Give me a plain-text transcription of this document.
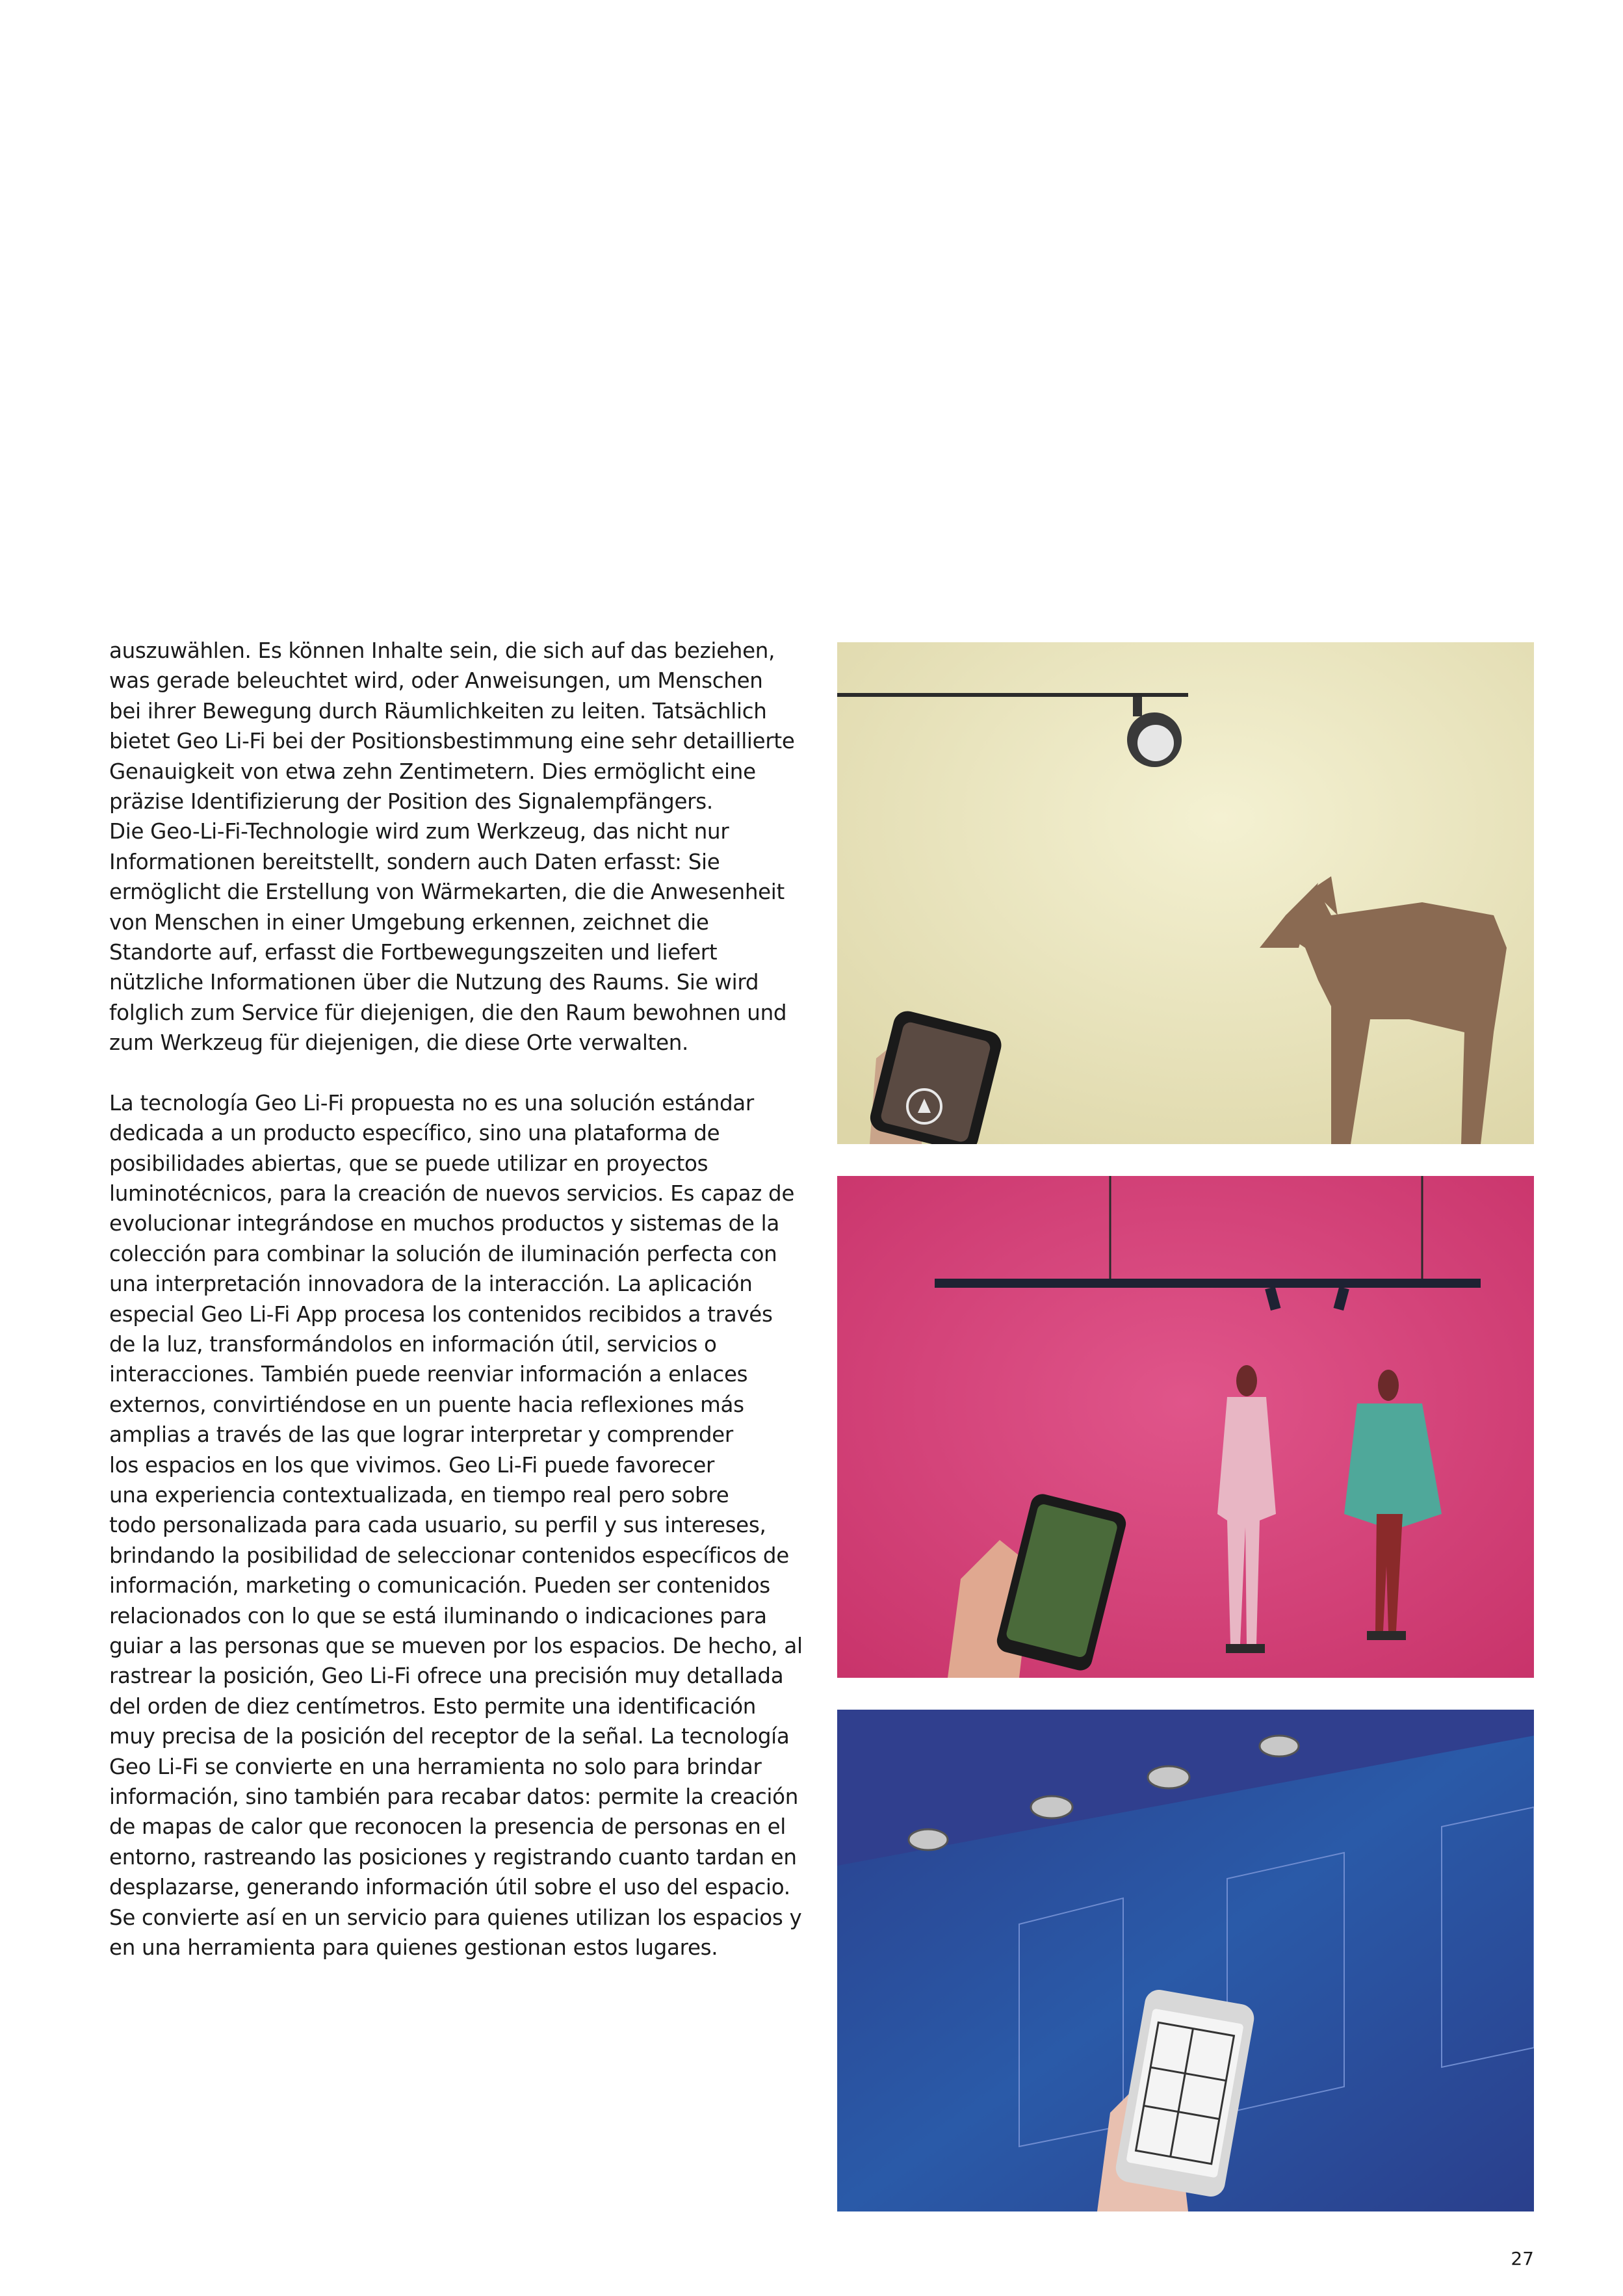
auszuwählen. Es können Inhalte sein, die sich auf das beziehen,
was gerade beleuchtet wird, oder Anweisungen, um Menschen
bei ihrer Bewegung durch Räumlichkeiten zu leiten. Tatsächlich
bietet Geo Li-Fi bei der Positionsbestimmung eine sehr detaillierte
Genauigkeit von etwa zehn Zentimetern. Dies ermöglicht eine
präzise Identifizierung der Position des Signalempfängers.
Die Geo-Li-Fi-Technologie wird zum Werkzeug, das nicht nur
Informationen bereitstellt, sondern auch Daten erfasst: Sie
ermöglicht die Erstellung von Wärmekarten, die die Anwesenheit
von Menschen in einer Umgebung erkennen, zeichnet die
Standorte auf, erfasst die Fortbewegungszeiten und liefert
nützliche Informationen über die Nutzung des Raums. Sie wird
folglich zum Service für diejenigen, die den Raum bewohnen und
zum Werkzeug für diejenigen, die diese Orte verwalten.

La tecnología Geo Li-Fi propuesta no es una solución estándar
dedicada a un producto específico, sino una plataforma de
posibilidades abiertas, que se puede utilizar en proyectos
luminotécnicos, para la creación de nuevos servicios. Es capaz de
evolucionar integrándose en muchos productos y sistemas de la
colección para combinar la solución de iluminación perfecta con
una interpretación innovadora de la interacción. La aplicación
especial Geo Li-Fi App procesa los contenidos recibidos a través
de la luz, transformándolos en información útil, servicios o
interacciones. También puede reenviar información a enlaces
externos, convirtiéndose en un puente hacia reflexiones más
amplias a través de las que lograr interpretar y comprender
los espacios en los que vivimos. Geo Li-Fi puede favorecer
una experiencia contextualizada, en tiempo real pero sobre
todo personalizada para cada usuario, su perfil y sus intereses,
brindando la posibilidad de seleccionar contenidos específicos de
información, marketing o comunicación. Pueden ser contenidos
relacionados con lo que se está iluminando o indicaciones para
guiar a las personas que se mueven por los espacios. De hecho, al
rastrear la posición, Geo Li-Fi ofrece una precisión muy detallada
del orden de diez centímetros. Esto permite una identificación
muy precisa de la posición del receptor de la señal. La tecnología
Geo Li-Fi se convierte en una herramienta no solo para brindar
información, sino también para recabar datos: permite la creación
de mapas de calor que reconocen la presencia de personas en el
entorno, rastreando las posiciones y registrando cuanto tardan en
desplazarse, generando información útil sobre el uso del espacio.
Se convierte así en un servicio para quienes utilizan los espacios y
en una herramienta para quienes gestionan estos lugares.

27
